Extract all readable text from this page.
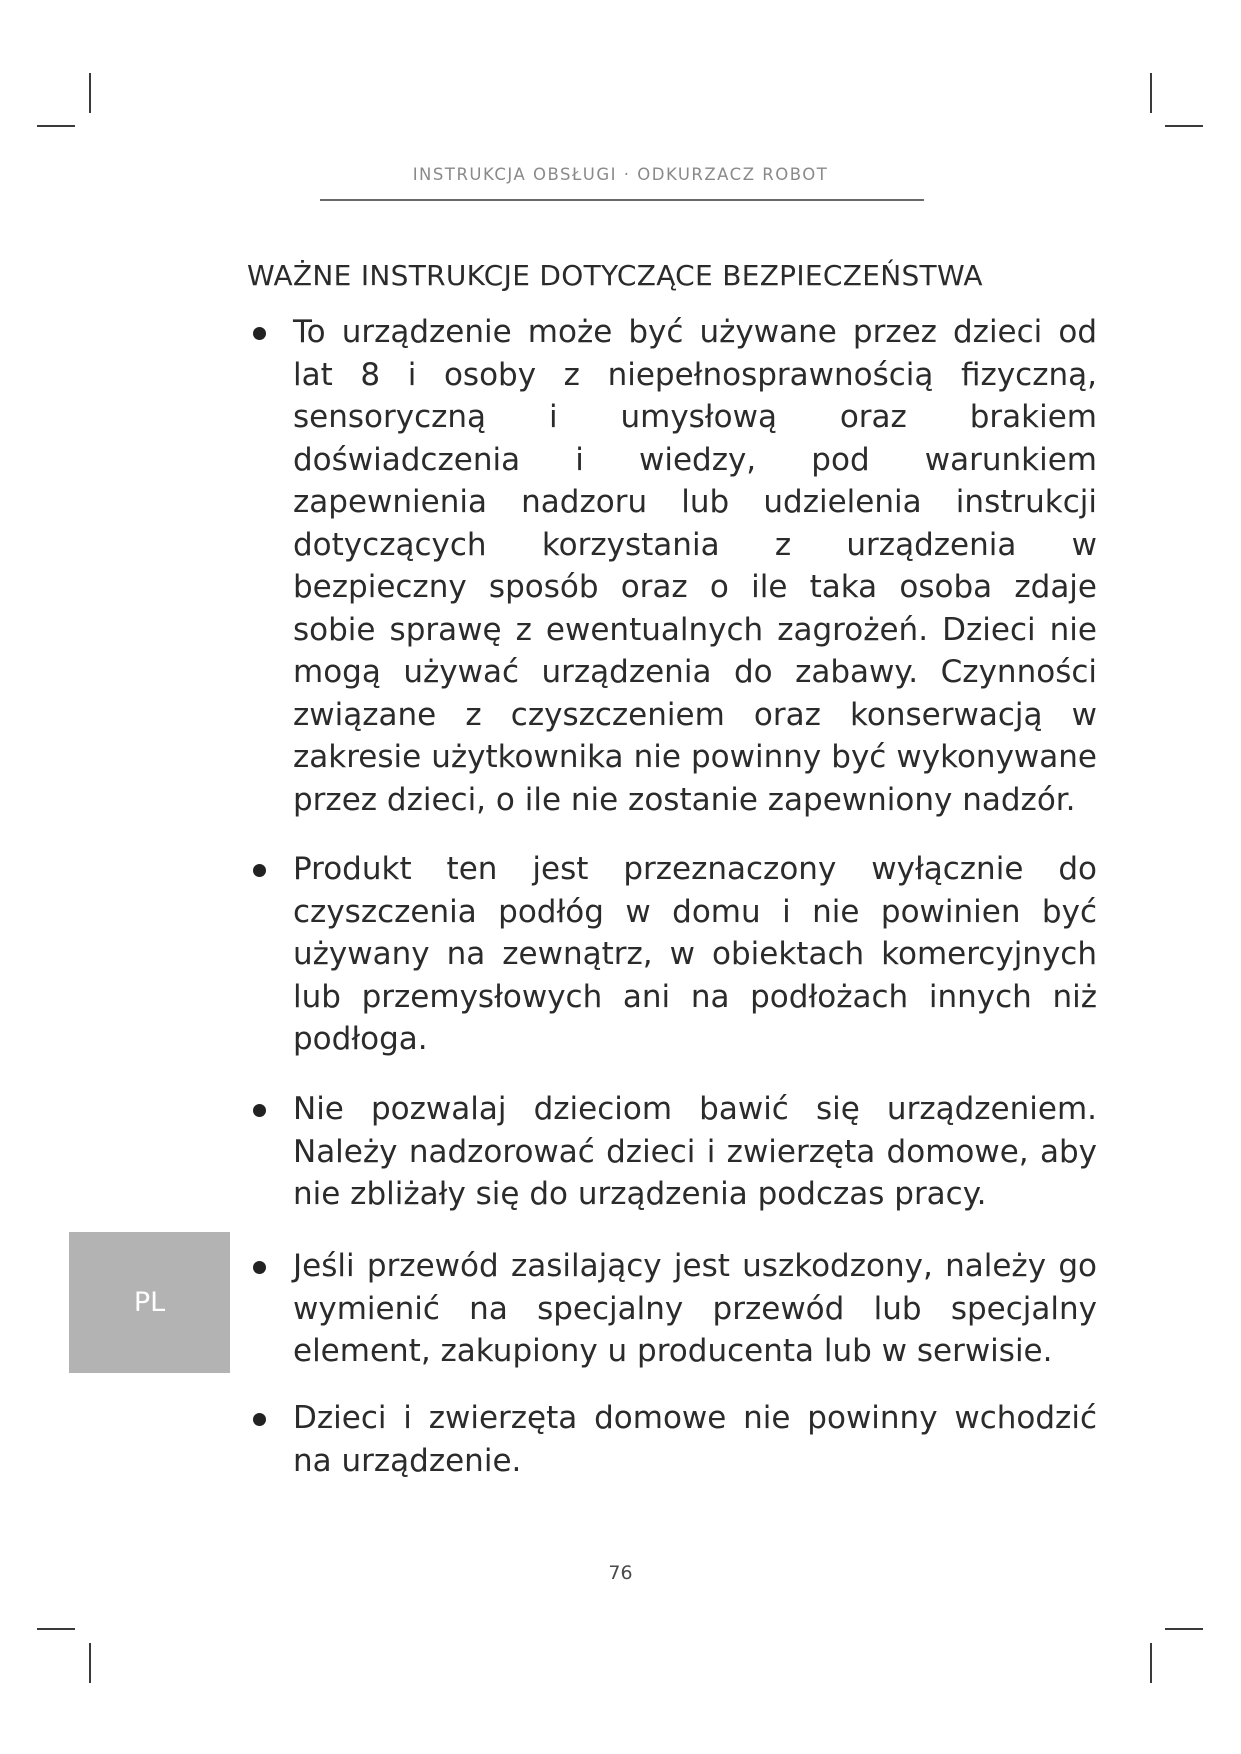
INSTRUKCJA OBSŁUGI · ODKURZACZ ROBOT
WAŻNE INSTRUKCJE DOTYCZĄCE BEZPIECZEŃSTWA

To urządzenie może być używane przez dzieci od lat 8 i osoby z niepełnosprawnością fizyczną, sensoryczną i umysłową oraz brakiem doświadczenia i wiedzy, pod warunkiem zapewnienia nadzoru lub udzielenia instrukcji dotyczących korzystania z urządzenia w bezpieczny sposób oraz o ile taka osoba zdaje sobie sprawę z ewentualnych zagrożeń. Dzieci nie mogą używać urządzenia do zabawy. Czynności związane z czyszczeniem oraz konserwacją w zakresie użytkownika nie powinny być wykonywane przez dzieci, o ile nie zostanie zapewniony nadzór.

Produkt ten jest przeznaczony wyłącznie do czyszczenia podłóg w domu i nie powinien być używany na zewnątrz, w obiektach komercyjnych lub przemysłowych ani na podłożach innych niż podłoga.

Nie pozwalaj dzieciom bawić się urządzeniem. Należy nadzorować dzieci i zwierzęta domowe, aby nie zbliżały się do urządzenia podczas pracy.

Jeśli przewód zasilający jest uszkodzony, należy go wymienić na specjalny przewód lub specjalny element, zakupiony u producenta lub w serwisie.

Dzieci i zwierzęta domowe nie powinny wchodzić na urządzenie.

PL
76
